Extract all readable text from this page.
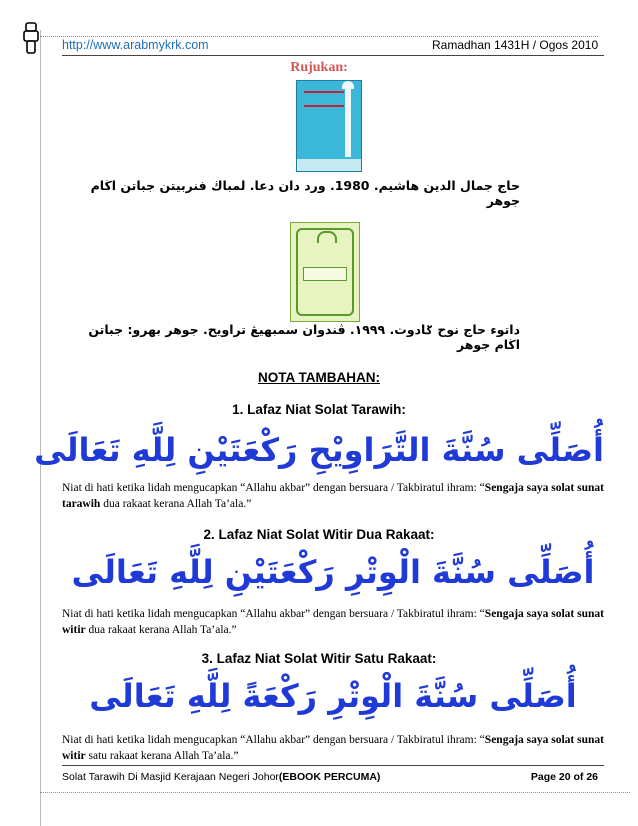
http://www.arabmykrk.com	Ramadhan 1431H / Ogos 2010
Rujukan:
حاج جمال الدين هاشيم. 1980. ورد دان دعا. لمباڬ فنربيتن جباتن اڬام جوهر
داتوء حاج نوح ݢادوت. ١٩٩٩. ڤندوان سمبهيڠ تراويح. جوهر بهرو: جباتن اڬام جوهر
NOTA TAMBAHAN:
1. Lafaz Niat Solat Tarawih:
أُصَلِّى سُنَّةَ التَّرَاوِيْحِ رَكْعَتَيْنِ لِلَّهِ تَعَالَى
Niat di hati ketika lidah mengucapkan “Allahu akbar” dengan bersuara / Takbiratul ihram: “Sengaja saya solat sunat tarawih dua rakaat kerana Allah Ta’ala.”
2. Lafaz Niat Solat Witir Dua Rakaat:
أُصَلِّى سُنَّةَ الْوِتْرِ رَكْعَتَيْنِ لِلَّهِ تَعَالَى
Niat di hati ketika lidah mengucapkan “Allahu akbar” dengan bersuara / Takbiratul ihram: “Sengaja saya solat sunat witir dua rakaat kerana Allah Ta’ala.”
3. Lafaz Niat Solat Witir Satu Rakaat:
أُصَلِّى سُنَّةَ الْوِتْرِ رَكْعَةً لِلَّهِ تَعَالَى
Niat di hati ketika lidah mengucapkan “Allahu akbar” dengan bersuara / Takbiratul ihram: “Sengaja saya solat sunat witir satu rakaat kerana Allah Ta’ala.”
Solat Tarawih Di Masjid Kerajaan Negeri Johor(EBOOK PERCUMA)	Page 20 of 26
